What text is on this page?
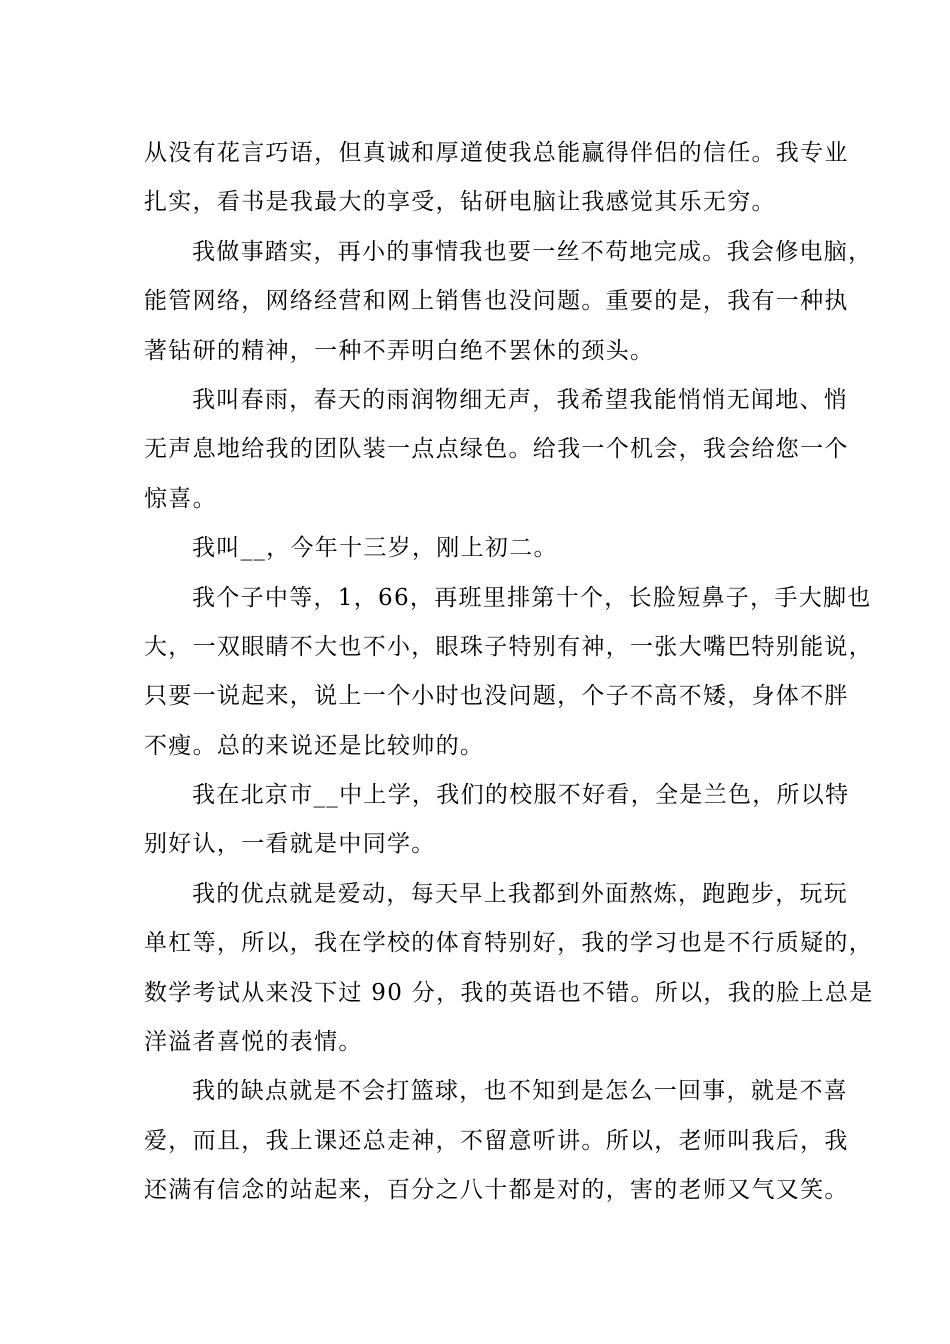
从没有花言巧语，但真诚和厚道使我总能赢得伴侣的信任。我专业
扎实，看书是我最大的享受，钻研电脑让我感觉其乐无穷。

我做事踏实，再小的事情我也要一丝不苟地完成。我会修电脑，
能管网络，网络经营和网上销售也没问题。重要的是，我有一种执
著钻研的精神，一种不弄明白绝不罢休的颈头。

我叫春雨，春天的雨润物细无声，我希望我能悄悄无闻地、悄
无声息地给我的团队装一点点绿色。给我一个机会，我会给您一个
惊喜。

我叫__，今年十三岁，刚上初二。

我个子中等，1，66，再班里排第十个，长脸短鼻子，手大脚也
大，一双眼睛不大也不小，眼珠子特别有神，一张大嘴巴特别能说，
只要一说起来，说上一个小时也没问题，个子不高不矮，身体不胖
不瘦。总的来说还是比较帅的。

我在北京市__中上学，我们的校服不好看，全是兰色，所以特
别好认，一看就是中同学。

我的优点就是爱动，每天早上我都到外面熬炼，跑跑步，玩玩
单杠等，所以，我在学校的体育特别好，我的学习也是不行质疑的，
数学考试从来没下过 90 分，我的英语也不错。所以，我的脸上总是
洋溢者喜悦的表情。

我的缺点就是不会打篮球，也不知到是怎么一回事，就是不喜
爱，而且，我上课还总走神，不留意听讲。所以，老师叫我后，我
还满有信念的站起来，百分之八十都是对的，害的老师又气又笑。
